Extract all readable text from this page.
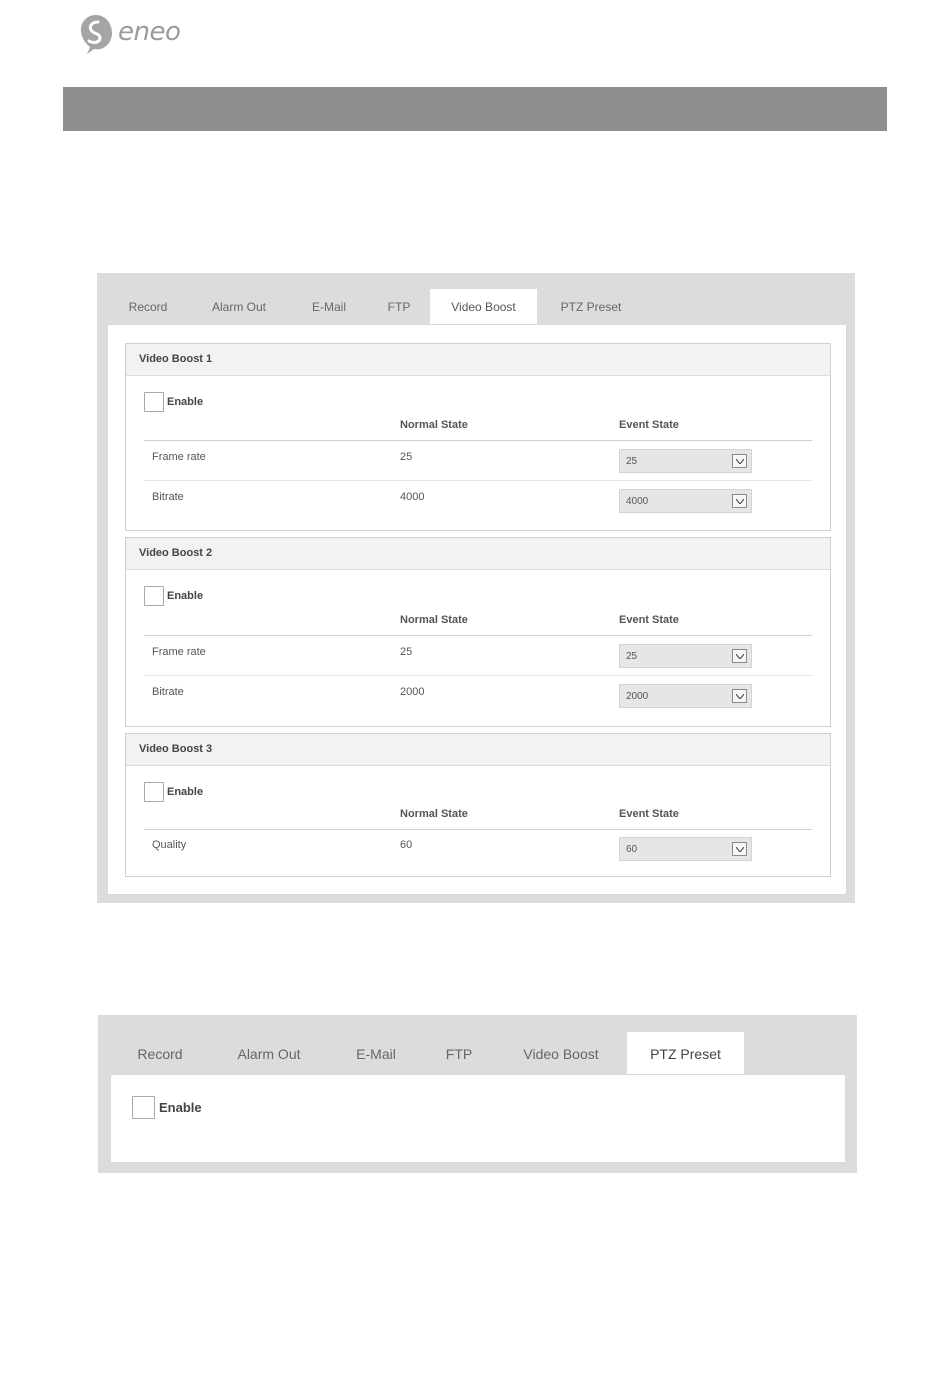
eneo
Record	Alarm Out	E-Mail	FTP	Video Boost	PTZ Preset
Video Boost 1
Enable
Normal State	Event State
Frame rate	25	25
Bitrate	4000	4000
Video Boost 2
Enable
Normal State	Event State
Frame rate	25	25
Bitrate	2000	2000
Video Boost 3
Enable
Normal State	Event State
Quality	60	60
Record	Alarm Out	E-Mail	FTP	Video Boost	PTZ Preset
Enable
